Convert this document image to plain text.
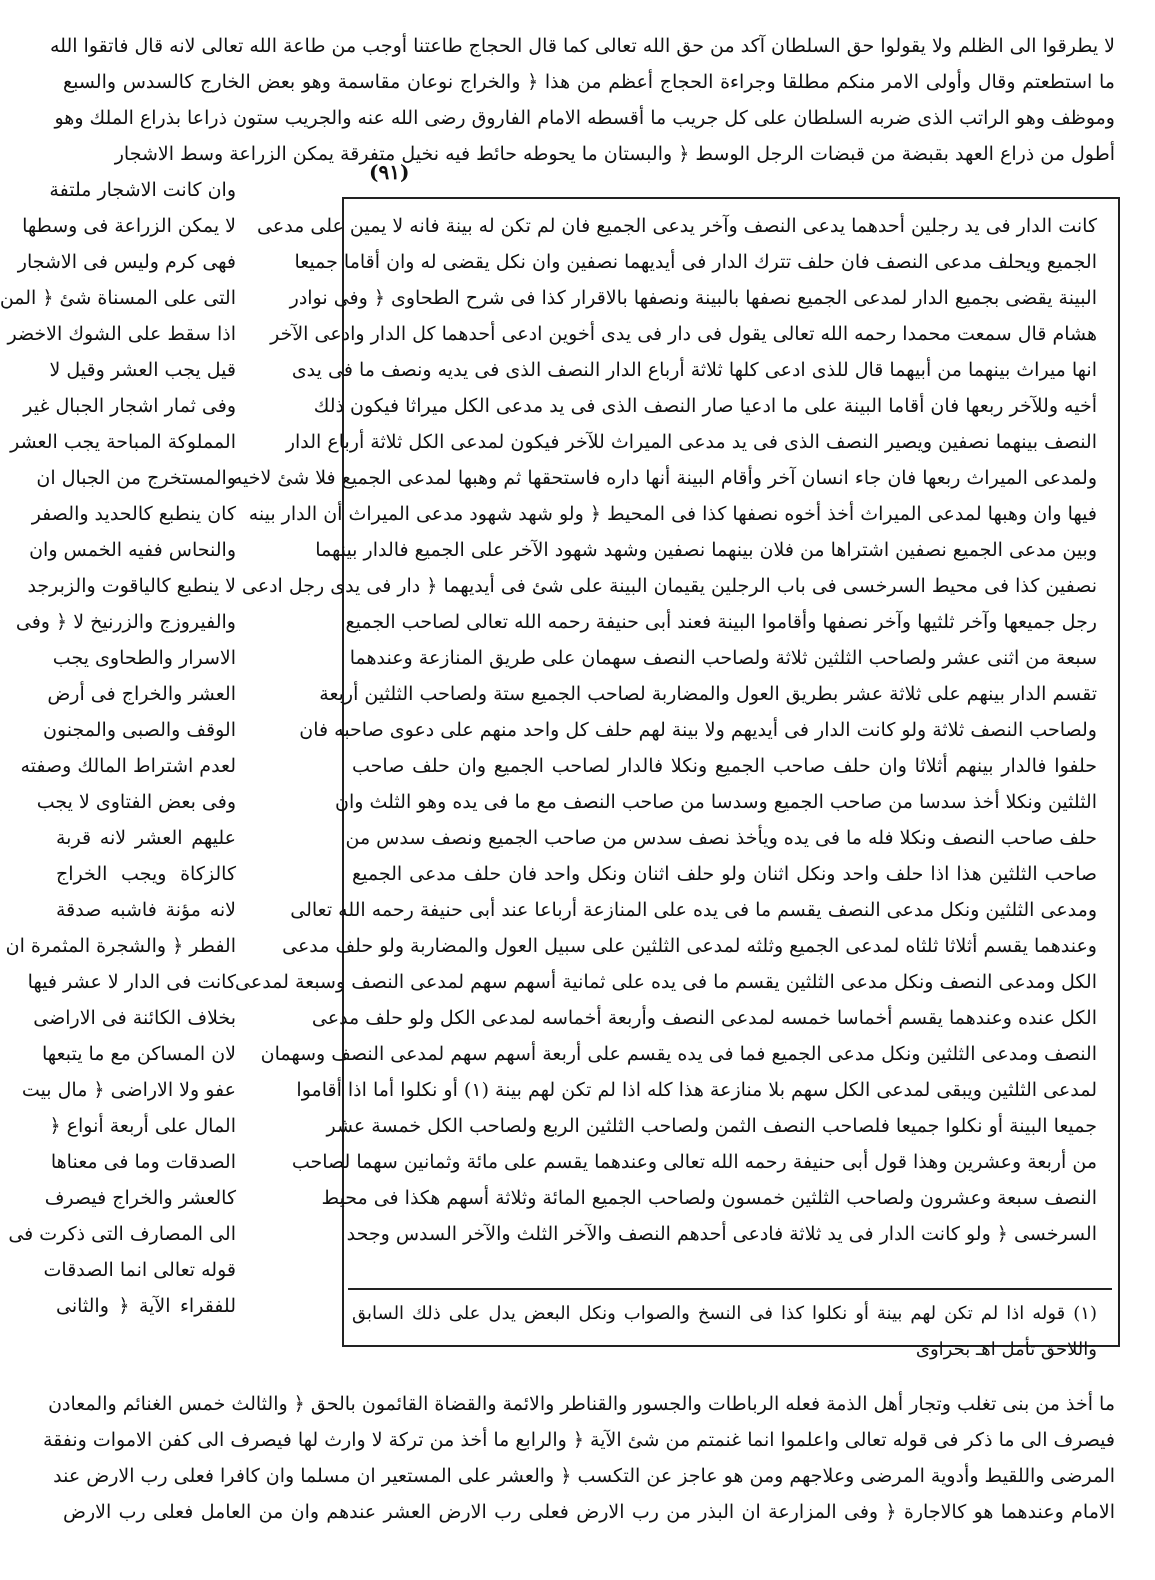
(٩١)
لا يطرقوا الى الظلم ولا يقولوا حق السلطان آكد من حق الله تعالى كما قال الحجاج طاعتنا أوجب من طاعة الله تعالى لانه قال فاتقوا الله
ما استطعتم وقال وأولى الامر منكم مطلقا وجراءة الحجاج أعظم من هذا ﴿ والخراج نوعان مقاسمة وهو بعض الخارج كالسدس والسبع
وموظف وهو الراتب الذى ضربه السلطان على كل جريب ما أقسطه الامام الفاروق رضى الله عنه والجريب ستون ذراعا بذراع الملك وهو
أطول من ذراع العهد بقبضة من قبضات الرجل الوسط ﴿ والبستان ما يحوطه حائط فيه نخيل متفرقة يمكن الزراعة وسط الاشجار
وان كانت الاشجار ملتفة
لا يمكن الزراعة فى وسطها
فهى كرم وليس فى الاشجار
التى على المسناة شئ ﴿ المن
اذا سقط على الشوك الاخضر
قيل يجب العشر وقيل لا
وفى ثمار اشجار الجبال غير
المملوكة المباحة يجب العشر
والمستخرج من الجبال ان
كان ينطبع كالحديد والصفر
والنحاس ففيه الخمس وان
لا ينطبع كالياقوت والزبرجد
والفيروزج والزرنيخ لا ﴿ وفى
الاسرار والطحاوى يجب
العشر والخراج فى أرض
الوقف والصبى والمجنون
لعدم اشتراط المالك وصفته
وفى بعض الفتاوى لا يجب
عليهم العشر لانه قربة
كالزكاة ويجب الخراج
لانه مؤنة فاشبه صدقة
الفطر ﴿ والشجرة المثمرة ان
كانت فى الدار لا عشر فيها
بخلاف الكائنة فى الاراضى
لان المساكن مع ما يتبعها
عفو ولا الاراضى ﴿ مال بيت
المال على أربعة أنواع ﴿
الصدقات وما فى معناها
كالعشر والخراج فيصرف
الى المصارف التى ذكرت فى
قوله تعالى انما الصدقات
للفقراء الآية ﴿ والثانى
كانت الدار فى يد رجلين أحدهما يدعى النصف وآخر يدعى الجميع فان لم تكن له بينة فانه لا يمين على مدعى
الجميع ويحلف مدعى النصف فان حلف تترك الدار فى أيديهما نصفين وان نكل يقضى له وان أقاما جميعا
البينة يقضى بجميع الدار لمدعى الجميع نصفها بالبينة ونصفها بالاقرار كذا فى شرح الطحاوى ﴿ وفى نوادر
هشام قال سمعت محمدا رحمه الله تعالى يقول فى دار فى يدى أخوين ادعى أحدهما كل الدار وادعى الآخر
انها ميراث بينهما من أبيهما قال للذى ادعى كلها ثلاثة أرباع الدار النصف الذى فى يديه ونصف ما فى يدى
أخيه وللآخر ربعها فان أقاما البينة على ما ادعيا صار النصف الذى فى يد مدعى الكل ميراثا فيكون ذلك
النصف بينهما نصفين ويصير النصف الذى فى يد مدعى الميراث للآخر فيكون لمدعى الكل ثلاثة أرباع الدار
ولمدعى الميراث ربعها فان جاء انسان آخر وأقام البينة أنها داره فاستحقها ثم وهبها لمدعى الجميع فلا شئ لاخيه
فيها وان وهبها لمدعى الميراث أخذ أخوه نصفها كذا فى المحيط ﴿ ولو شهد شهود مدعى الميراث أن الدار بينه
وبين مدعى الجميع نصفين اشتراها من فلان بينهما نصفين وشهد شهود الآخر على الجميع فالدار بينهما
نصفين كذا فى محيط السرخسى فى باب الرجلين يقيمان البينة على شئ فى أيديهما ﴿ دار فى يدى رجل ادعى
رجل جميعها وآخر ثلثيها وآخر نصفها وأقاموا البينة فعند أبى حنيفة رحمه الله تعالى لصاحب الجميع
سبعة من اثنى عشر ولصاحب الثلثين ثلاثة ولصاحب النصف سهمان على طريق المنازعة وعندهما
تقسم الدار بينهم على ثلاثة عشر بطريق العول والمضاربة لصاحب الجميع ستة ولصاحب الثلثين أربعة
ولصاحب النصف ثلاثة ولو كانت الدار فى أيديهم ولا بينة لهم حلف كل واحد منهم على دعوى صاحبه فان
حلفوا فالدار بينهم أثلاثا وان حلف صاحب الجميع ونكلا فالدار لصاحب الجميع وان حلف صاحب
الثلثين ونكلا أخذ سدسا من صاحب الجميع وسدسا من صاحب النصف مع ما فى يده وهو الثلث وان
حلف صاحب النصف ونكلا فله ما فى يده ويأخذ نصف سدس من صاحب الجميع ونصف سدس من
صاحب الثلثين هذا اذا حلف واحد ونكل اثنان ولو حلف اثنان ونكل واحد فان حلف مدعى الجميع
ومدعى الثلثين ونكل مدعى النصف يقسم ما فى يده على المنازعة أرباعا عند أبى حنيفة رحمه الله تعالى
وعندهما يقسم أثلاثا ثلثاه لمدعى الجميع وثلثه لمدعى الثلثين على سبيل العول والمضاربة ولو حلف مدعى
الكل ومدعى النصف ونكل مدعى الثلثين يقسم ما فى يده على ثمانية أسهم سهم لمدعى النصف وسبعة لمدعى
الكل عنده وعندهما يقسم أخماسا خمسه لمدعى النصف وأربعة أخماسه لمدعى الكل ولو حلف مدعى
النصف ومدعى الثلثين ونكل مدعى الجميع فما فى يده يقسم على أربعة أسهم سهم لمدعى النصف وسهمان
لمدعى الثلثين ويبقى لمدعى الكل سهم بلا منازعة هذا كله اذا لم تكن لهم بينة (١) أو نكلوا أما اذا أقاموا
جميعا البينة أو نكلوا جميعا فلصاحب النصف الثمن ولصاحب الثلثين الربع ولصاحب الكل خمسة عشر
من أربعة وعشرين وهذا قول أبى حنيفة رحمه الله تعالى وعندهما يقسم على مائة وثمانين سهما لصاحب
النصف سبعة وعشرون ولصاحب الثلثين خمسون ولصاحب الجميع المائة وثلاثة أسهم هكذا فى محيط
السرخسى ﴿ ولو كانت الدار فى يد ثلاثة فادعى أحدهم النصف والآخر الثلث والآخر السدس وجحد
(١) قوله اذا لم تكن لهم بينة أو نكلوا كذا فى النسخ والصواب ونكل البعض يدل على ذلك السابق
واللاحق تأمل اهـ بحراوى
ما أخذ من بنى تغلب وتجار أهل الذمة فعله الرباطات والجسور والقناطر والائمة والقضاة القائمون بالحق ﴿ والثالث خمس الغنائم والمعادن
فيصرف الى ما ذكر فى قوله تعالى واعلموا انما غنمتم من شئ الآية ﴿ والرابع ما أخذ من تركة لا وارث لها فيصرف الى كفن الاموات ونفقة
المرضى واللقيط وأدوية المرضى وعلاجهم ومن هو عاجز عن التكسب ﴿ والعشر على المستعير ان مسلما وان كافرا فعلى رب الارض عند
الامام وعندهما هو كالاجارة ﴿ وفى المزارعة ان البذر من رب الارض فعلى رب الارض العشر عندهم وان من العامل فعلى رب الارض
